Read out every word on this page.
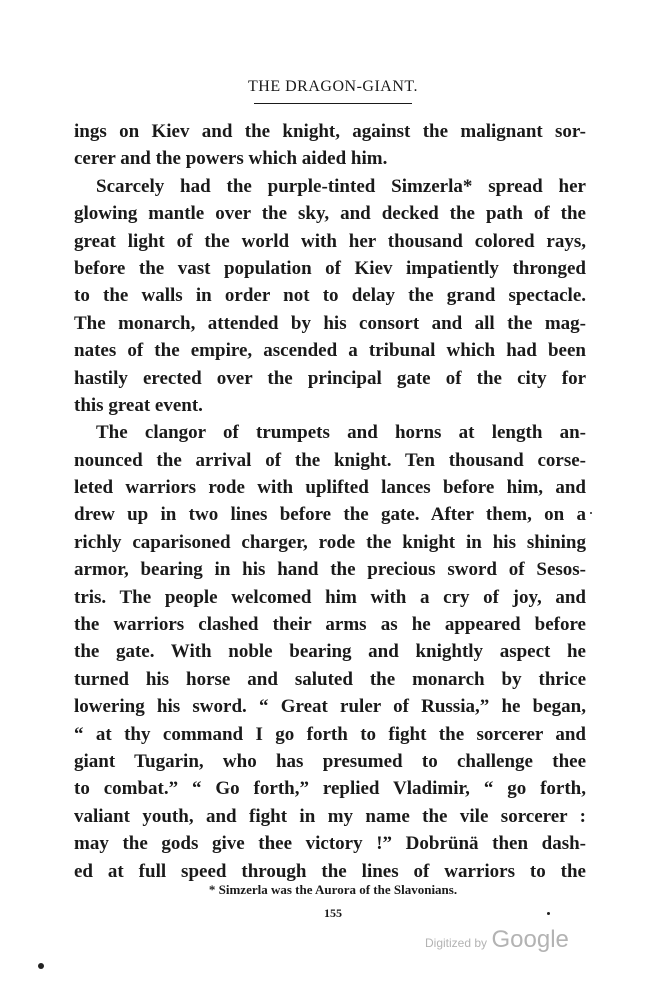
THE DRAGON-GIANT.
ings on Kiev and the knight, against the malignant sor-
cerer and the powers which aided him.
Scarcely had the purple-tinted Simzerla* spread her
glowing mantle over the sky, and decked the path of the
great light of the world with her thousand colored rays,
before the vast population of Kiev impatiently thronged
to the walls in order not to delay the grand spectacle.
The monarch, attended by his consort and all the mag-
nates of the empire, ascended a tribunal which had been
hastily erected over the principal gate of the city for
this great event.
The clangor of trumpets and horns at length an-
nounced the arrival of the knight. Ten thousand corse-
leted warriors rode with uplifted lances before him, and
drew up in two lines before the gate. After them, on a
richly caparisoned charger, rode the knight in his shining
armor, bearing in his hand the precious sword of Sesos-
tris. The people welcomed him with a cry of joy, and
the warriors clashed their arms as he appeared before
the gate. With noble bearing and knightly aspect he
turned his horse and saluted the monarch by thrice
lowering his sword. “ Great ruler of Russia,” he began,
“ at thy command I go forth to fight the sorcerer and
giant Tugarin, who has presumed to challenge thee
to combat.” “ Go forth,” replied Vladimir, “ go forth,
valiant youth, and fight in my name the vile sorcerer :
may the gods give thee victory !” Dobrünä then dash-
ed at full speed through the lines of warriors to the
* Simzerla was the Aurora of the Slavonians.
155
Digitized by Google
